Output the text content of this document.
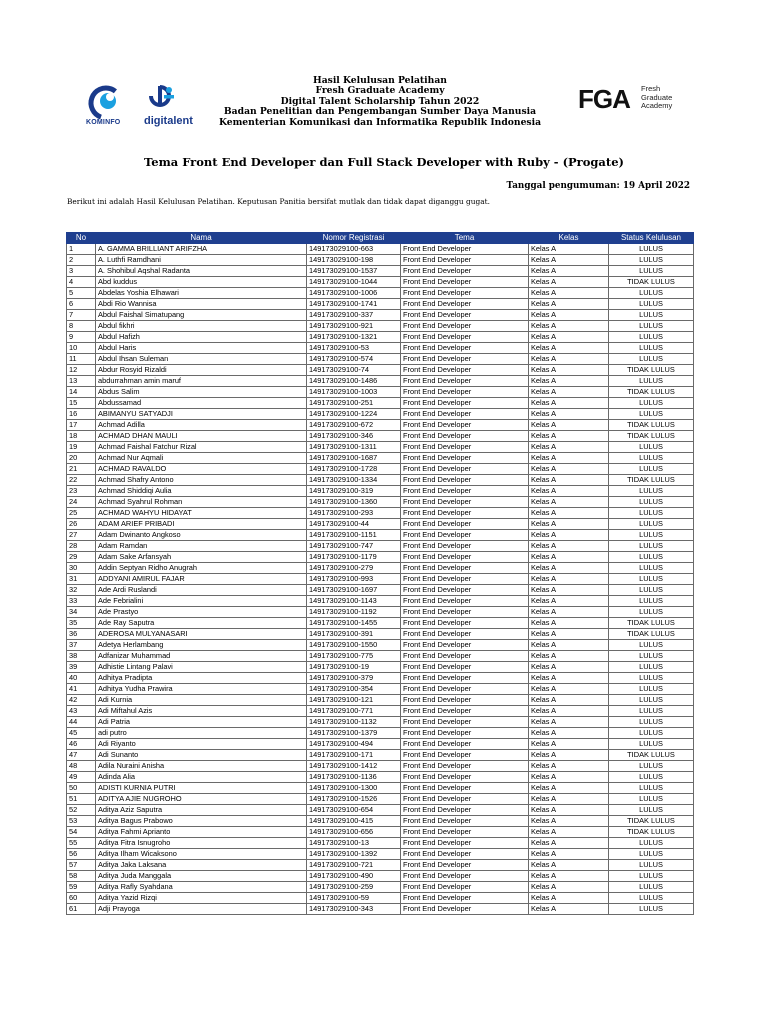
KOMINFO digitalent
Hasil Kelulusan Pelatihan
Fresh Graduate Academy
Digital Talent Scholarship Tahun 2022
Badan Penelitian dan Pengembangan Sumber Daya Manusia
Kementerian Komunikasi dan Informatika Republik Indonesia
FGA Fresh
Graduate
Academy
Tema Front End Developer dan Full Stack Developer with Ruby - (Progate)
Tanggal pengumuman: 19 April 2022
Berikut ini adalah Hasil Kelulusan Pelatihan. Keputusan Panitia bersifat mutlak dan tidak dapat diganggu gugat.
No	Nama	Nomor Registrasi	Tema	Kelas	Status Kelulusan
1	A. GAMMA BRILLIANT ARIFZHA	149173029100-663	Front End Developer	Kelas A	LULUS
2	A. Luthfi Ramdhani	149173029100-198	Front End Developer	Kelas A	LULUS
3	A. Shohibul Aqshal Radanta	149173029100-1537	Front End Developer	Kelas A	LULUS
4	Abd kuddus	149173029100-1044	Front End Developer	Kelas A	TIDAK LULUS
5	Abdelas Yoshia Elhawari	149173029100-1006	Front End Developer	Kelas A	LULUS
6	Abdi Rio Wannisa	149173029100-1741	Front End Developer	Kelas A	LULUS
7	Abdul Faishal Simatupang	149173029100-337	Front End Developer	Kelas A	LULUS
8	Abdul fikhri	149173029100-921	Front End Developer	Kelas A	LULUS
9	Abdul Hafizh	149173029100-1321	Front End Developer	Kelas A	LULUS
10	Abdul Haris	149173029100-53	Front End Developer	Kelas A	LULUS
11	Abdul Ihsan Suleman	149173029100-574	Front End Developer	Kelas A	LULUS
12	Abdur Rosyid Rizaldi	149173029100-74	Front End Developer	Kelas A	TIDAK LULUS
13	abdurrahman amin maruf	149173029100-1486	Front End Developer	Kelas A	LULUS
14	Abdus Salim	149173029100-1003	Front End Developer	Kelas A	TIDAK LULUS
15	Abdussamad	149173029100-251	Front End Developer	Kelas A	LULUS
16	ABIMANYU SATYADJI	149173029100-1224	Front End Developer	Kelas A	LULUS
17	Achmad Adilla	149173029100-672	Front End Developer	Kelas A	TIDAK LULUS
18	ACHMAD DHAN MAULI	149173029100-346	Front End Developer	Kelas A	TIDAK LULUS
19	Achmad Faishal Fatchur Rizal	149173029100-1311	Front End Developer	Kelas A	LULUS
20	Achmad Nur Aqmali	149173029100-1687	Front End Developer	Kelas A	LULUS
21	ACHMAD RAVALDO	149173029100-1728	Front End Developer	Kelas A	LULUS
22	Achmad Shafry Antono	149173029100-1334	Front End Developer	Kelas A	TIDAK LULUS
23	Achmad Shiddiqi Aulia	149173029100-319	Front End Developer	Kelas A	LULUS
24	Achmad Syahrul Rohman	149173029100-1360	Front End Developer	Kelas A	LULUS
25	ACHMAD WAHYU HIDAYAT	149173029100-293	Front End Developer	Kelas A	LULUS
26	ADAM ARIEF PRIBADI	149173029100-44	Front End Developer	Kelas A	LULUS
27	Adam Dwinanto Angkoso	149173029100-1151	Front End Developer	Kelas A	LULUS
28	Adam Ramdan	149173029100-747	Front End Developer	Kelas A	LULUS
29	Adam Sake Arfansyah	149173029100-1179	Front End Developer	Kelas A	LULUS
30	Addin Septyan Ridho Anugrah	149173029100-279	Front End Developer	Kelas A	LULUS
31	ADDYANI AMIRUL FAJAR	149173029100-993	Front End Developer	Kelas A	LULUS
32	Ade Ardi Ruslandi	149173029100-1697	Front End Developer	Kelas A	LULUS
33	Ade Febrialini	149173029100-1143	Front End Developer	Kelas A	LULUS
34	Ade Prastyo	149173029100-1192	Front End Developer	Kelas A	LULUS
35	Ade Ray Saputra	149173029100-1455	Front End Developer	Kelas A	TIDAK LULUS
36	ADEROSA MULYANASARI	149173029100-391	Front End Developer	Kelas A	TIDAK LULUS
37	Adetya Herlambang	149173029100-1550	Front End Developer	Kelas A	LULUS
38	Adfanizar Muhammad	149173029100-775	Front End Developer	Kelas A	LULUS
39	Adhistie Lintang Palavi	149173029100-19	Front End Developer	Kelas A	LULUS
40	Adhitya Pradipta	149173029100-379	Front End Developer	Kelas A	LULUS
41	Adhitya Yudha Prawira	149173029100-354	Front End Developer	Kelas A	LULUS
42	Adi Kurnia	149173029100-121	Front End Developer	Kelas A	LULUS
43	Adi Miftahul Azis	149173029100-771	Front End Developer	Kelas A	LULUS
44	Adi Patria	149173029100-1132	Front End Developer	Kelas A	LULUS
45	adi putro	149173029100-1379	Front End Developer	Kelas A	LULUS
46	Adi Riyanto	149173029100-494	Front End Developer	Kelas A	LULUS
47	Adi Sunanto	149173029100-171	Front End Developer	Kelas A	TIDAK LULUS
48	Adila Nuraini Anisha	149173029100-1412	Front End Developer	Kelas A	LULUS
49	Adinda Alia	149173029100-1136	Front End Developer	Kelas A	LULUS
50	ADISTI KURNIA PUTRI	149173029100-1300	Front End Developer	Kelas A	LULUS
51	ADITYA AJIE NUGROHO	149173029100-1526	Front End Developer	Kelas A	LULUS
52	Aditya Aziz Saputra	149173029100-654	Front End Developer	Kelas A	LULUS
53	Aditya Bagus Prabowo	149173029100-415	Front End Developer	Kelas A	TIDAK LULUS
54	Aditya Fahmi Aprianto	149173029100-656	Front End Developer	Kelas A	TIDAK LULUS
55	Aditya Fitra Isnugroho	149173029100-13	Front End Developer	Kelas A	LULUS
56	Aditya Ilham Wicaksono	149173029100-1392	Front End Developer	Kelas A	LULUS
57	Aditya Jaka Laksana	149173029100-721	Front End Developer	Kelas A	LULUS
58	Aditya Juda Manggala	149173029100-490	Front End Developer	Kelas A	LULUS
59	Aditya Rafly Syahdana	149173029100-259	Front End Developer	Kelas A	LULUS
60	Aditya Yazid Rizqi	149173029100-59	Front End Developer	Kelas A	LULUS
61	Adji Prayoga	149173029100-343	Front End Developer	Kelas A	LULUS
